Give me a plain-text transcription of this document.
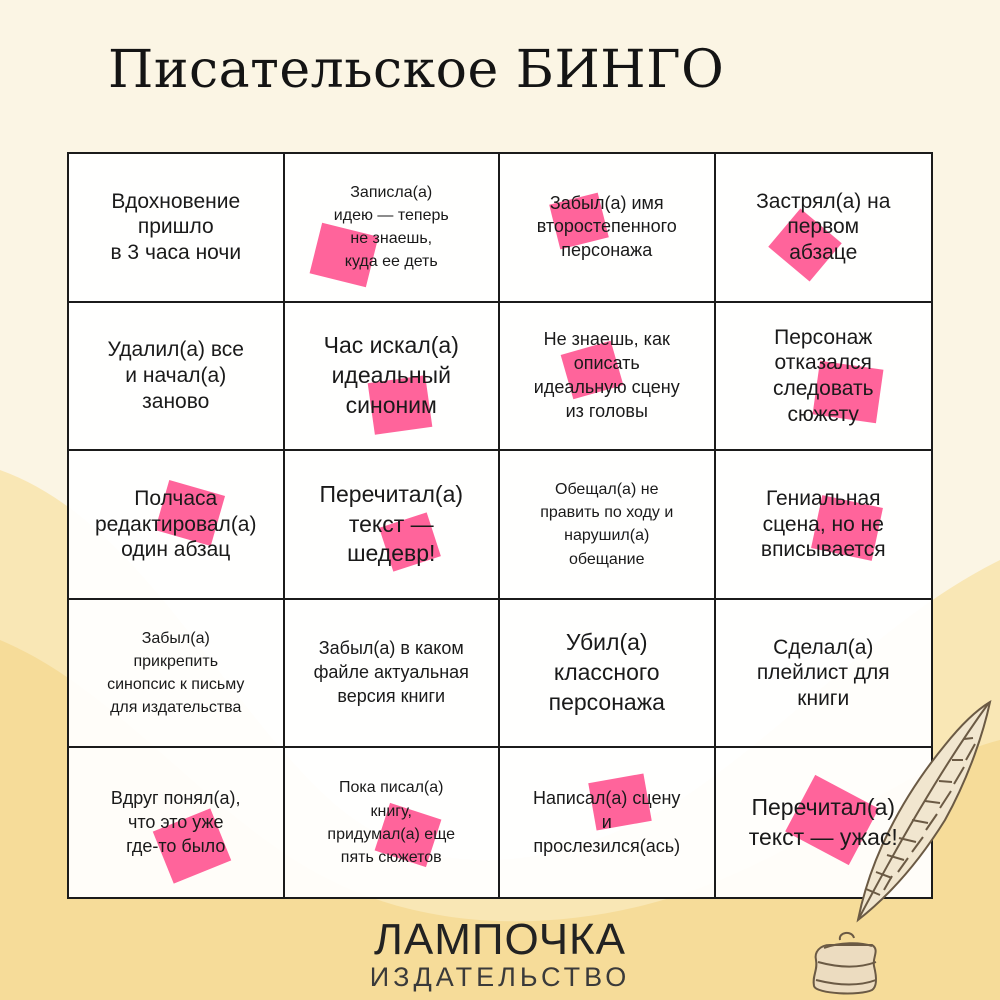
Писательское БИНГО
Вдохновение
пришло
в 3 часа ночи
Записла(а)
идею — теперь
не знаешь,
куда ее деть
Забыл(а) имя
второстепенного
персонажа
Застрял(а) на
первом
абзаце
Удалил(а) все
и начал(а)
заново
Час искал(а)
идеальный
синоним
Не знаешь, как
описать
идеальную сцену
из головы
Персонаж
отказался
следовать
сюжету
Полчаса
редактировал(а)
один абзац
Перечитал(а)
текст —
шедевр!
Обещал(а) не
править по ходу и
нарушил(а)
обещание
Гениальная
сцена, но не
вписывается
Забыл(а)
прикрепить
синопсис к письму
для издательства
Забыл(а) в каком
файле актуальная
версия книги
Убил(а)
классного
персонажа
Сделал(а)
плейлист для
книги
Вдруг понял(а),
что это уже
где-то было
Пока писал(а)
книгу,
придумал(а) еще
пять сюжетов
Написал(а) сцену
и
прослезился(ась)
Перечитал(а)
текст — ужас!
ЛАМПОЧКА
ИЗДАТЕЛЬСТВО
